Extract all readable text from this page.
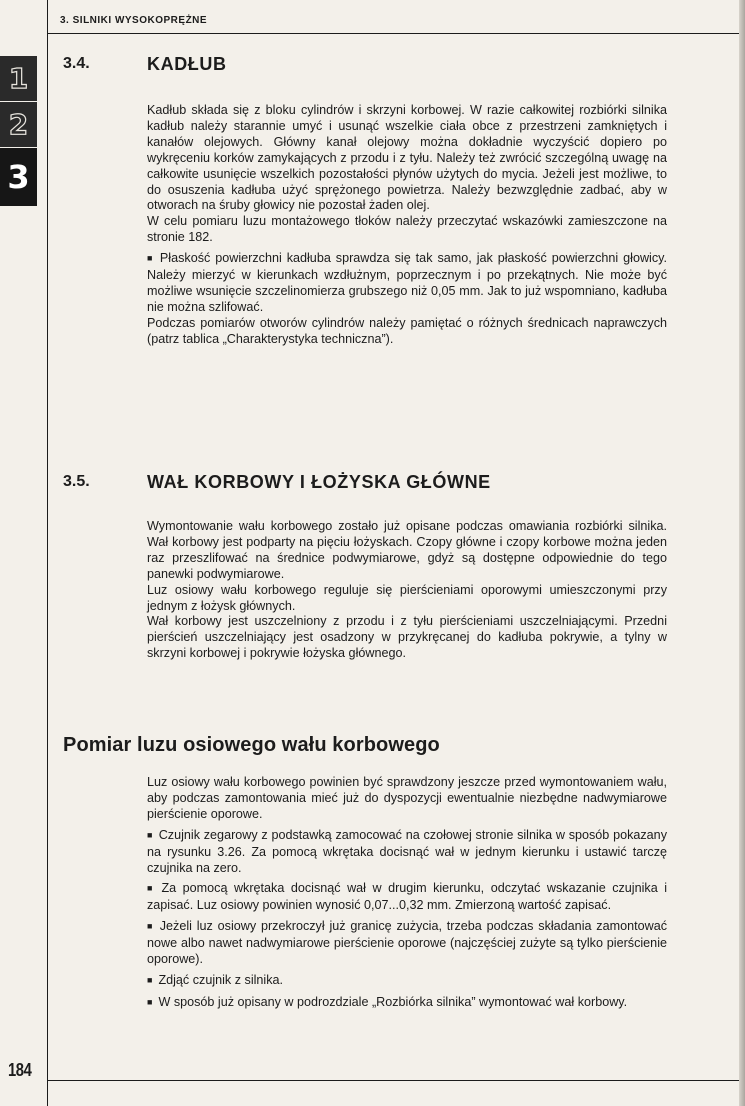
3. SILNIKI WYSOKOPRĘŻNE
1
2
3
3.4.	KADŁUB

Kadłub składa się z bloku cylindrów i skrzyni korbowej. W razie całkowitej rozbiórki silnika kadłub należy starannie umyć i usunąć wszelkie ciała obce z przestrzeni zamkniętych i kanałów olejowych. Główny kanał olejowy można dokładnie wyczyścić dopiero po wykręceniu korków zamykających z przodu i z tyłu. Należy też zwrócić szczególną uwagę na całkowite usunięcie wszelkich pozostałości płynów użytych do mycia. Jeżeli jest możliwe, to do osuszenia kadłuba użyć sprężonego powietrza. Należy bezwzględnie zadbać, aby w otworach na śruby głowicy nie pozostał żaden olej.

W celu pomiaru luzu montażowego tłoków należy przeczytać wskazówki zamieszczone na stronie 182.

■ Płaskość powierzchni kadłuba sprawdza się tak samo, jak płaskość powierzchni głowicy. Należy mierzyć w kierunkach wzdłużnym, poprzecznym i po przekątnych. Nie może być możliwe wsunięcie szczelinomierza grubszego niż 0,05 mm. Jak to już wspomniano, kadłuba nie można szlifować.

Podczas pomiarów otworów cylindrów należy pamiętać o różnych średnicach naprawczych (patrz tablica „Charakterystyka techniczna”).

3.5.	WAŁ KORBOWY I ŁOŻYSKA GŁÓWNE

Wymontowanie wału korbowego zostało już opisane podczas omawiania rozbiórki silnika. Wał korbowy jest podparty na pięciu łożyskach. Czopy główne i czopy korbowe można jeden raz przeszlifować na średnice podwymiarowe, gdyż są dostępne odpowiednie do tego panewki podwymiarowe.

Luz osiowy wału korbowego reguluje się pierścieniami oporowymi umieszczonymi przy jednym z łożysk głównych.

Wał korbowy jest uszczelniony z przodu i z tyłu pierścieniami uszczelniającymi. Przedni pierścień uszczelniający jest osadzony w przykręcanej do kadłuba pokrywie, a tylny w skrzyni korbowej i pokrywie łożyska głównego.

Pomiar luzu osiowego wału korbowego

Luz osiowy wału korbowego powinien być sprawdzony jeszcze przed wymontowaniem wału, aby podczas zamontowania mieć już do dyspozycji ewentualnie niezbędne nadwymiarowe pierścienie oporowe.

■ Czujnik zegarowy z podstawką zamocować na czołowej stronie silnika w sposób pokazany na rysunku 3.26. Za pomocą wkrętaka docisnąć wał w jednym kierunku i ustawić tarczę czujnika na zero.

■ Za pomocą wkrętaka docisnąć wał w drugim kierunku, odczytać wskazanie czujnika i zapisać. Luz osiowy powinien wynosić 0,07...0,32 mm. Zmierzoną wartość zapisać.

■ Jeżeli luz osiowy przekroczył już granicę zużycia, trzeba podczas składania zamontować nowe albo nawet nadwymiarowe pierścienie oporowe (najczęściej zużyte są tylko pierścienie oporowe).

■ Zdjąć czujnik z silnika.

■ W sposób już opisany w podrozdziale „Rozbiórka silnika” wymontować wał korbowy.

184
